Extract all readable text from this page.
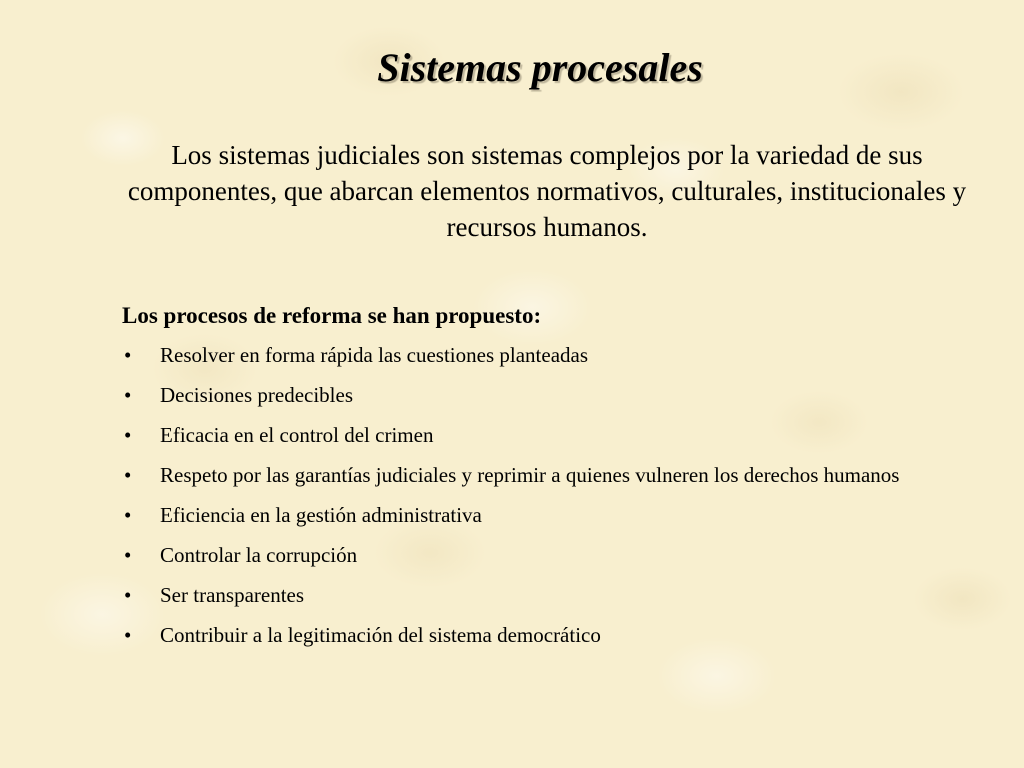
Sistemas procesales

Los sistemas judiciales son sistemas complejos por la variedad de sus componentes, que abarcan elementos normativos, culturales, institucionales y recursos humanos.

Los procesos de reforma se han propuesto:

• Resolver en forma rápida las cuestiones planteadas
• Decisiones predecibles
• Eficacia en el control del crimen
• Respeto por las garantías judiciales y reprimir a quienes vulneren los derechos humanos
• Eficiencia en la gestión administrativa
• Controlar la corrupción
• Ser transparentes
• Contribuir a la legitimación del sistema democrático
